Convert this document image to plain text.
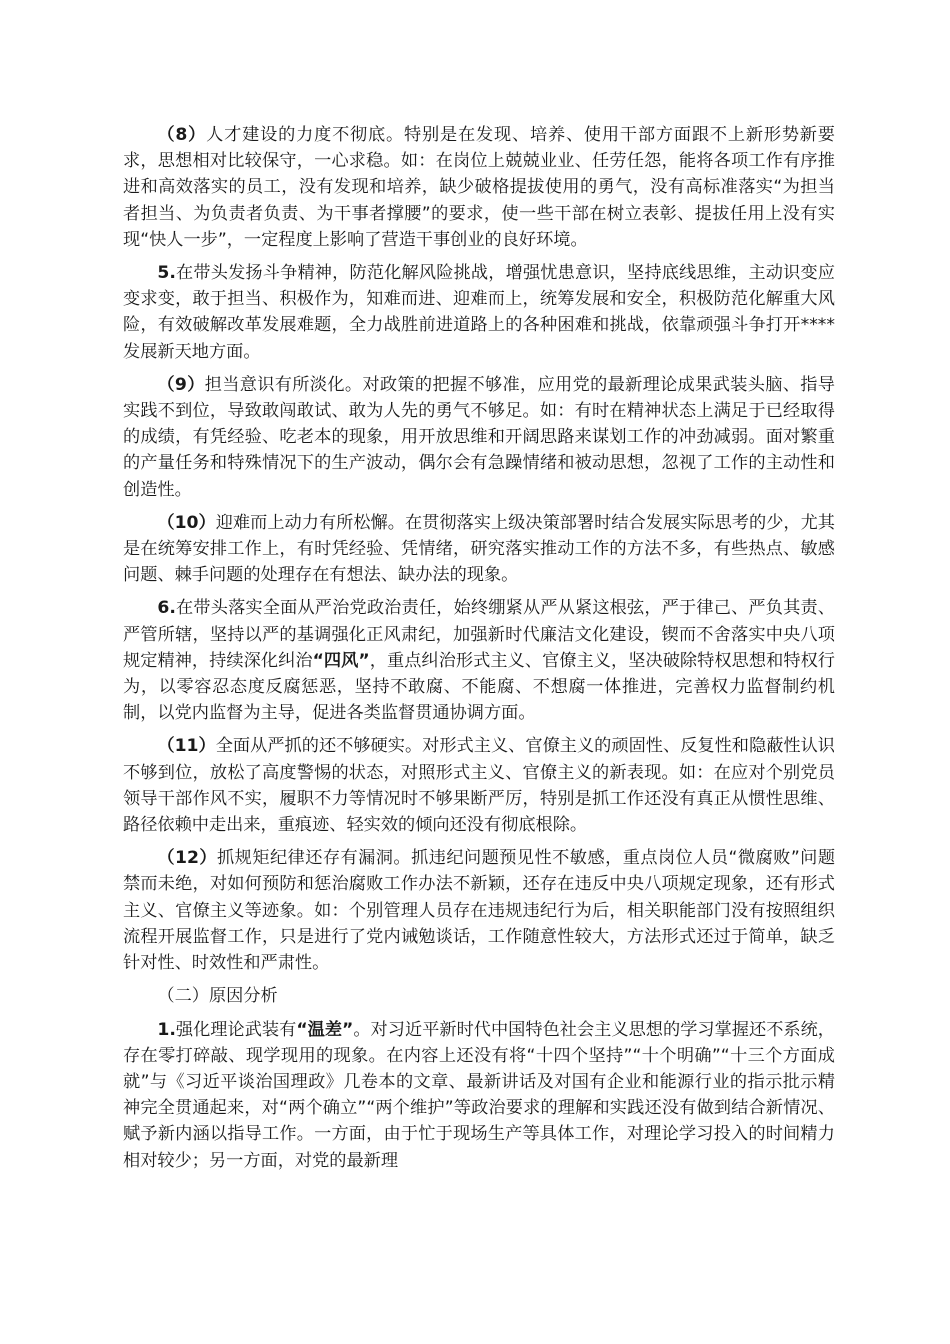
（8）人才建设的力度不彻底。特别是在发现、培养、使用干部方面跟不上新形势新要求，思想相对比较保守，一心求稳。如：在岗位上兢兢业业、任劳任怨，能将各项工作有序推进和高效落实的员工，没有发现和培养，缺少破格提拔使用的勇气，没有高标准落实“为担当者担当、为负责者负责、为干事者撑腰”的要求，使一些干部在树立表彰、提拔任用上没有实现“快人一步”，一定程度上影响了营造干事创业的良好环境。

5.在带头发扬斗争精神，防范化解风险挑战，增强忧患意识，坚持底线思维，主动识变应变求变，敢于担当、积极作为，知难而进、迎难而上，统筹发展和安全，积极防范化解重大风险，有效破解改革发展难题，全力战胜前进道路上的各种困难和挑战，依靠顽强斗争打开****发展新天地方面。

（9）担当意识有所淡化。对政策的把握不够准，应用党的最新理论成果武装头脑、指导实践不到位，导致敢闯敢试、敢为人先的勇气不够足。如：有时在精神状态上满足于已经取得的成绩，有凭经验、吃老本的现象，用开放思维和开阔思路来谋划工作的冲劲减弱。面对繁重的产量任务和特殊情况下的生产波动，偶尔会有急躁情绪和被动思想，忽视了工作的主动性和创造性。

（10）迎难而上动力有所松懈。在贯彻落实上级决策部署时结合发展实际思考的少，尤其是在统筹安排工作上，有时凭经验、凭情绪，研究落实推动工作的方法不多，有些热点、敏感问题、棘手问题的处理存在有想法、缺办法的现象。

6.在带头落实全面从严治党政治责任，始终绷紧从严从紧这根弦，严于律己、严负其责、严管所辖，坚持以严的基调强化正风肃纪，加强新时代廉洁文化建设，锲而不舍落实中央八项规定精神，持续深化纠治“四风”，重点纠治形式主义、官僚主义，坚决破除特权思想和特权行为，以零容忍态度反腐惩恶，坚持不敢腐、不能腐、不想腐一体推进，完善权力监督制约机制，以党内监督为主导，促进各类监督贯通协调方面。

（11）全面从严抓的还不够硬实。对形式主义、官僚主义的顽固性、反复性和隐蔽性认识不够到位，放松了高度警惕的状态，对照形式主义、官僚主义的新表现。如：在应对个别党员领导干部作风不实，履职不力等情况时不够果断严厉，特别是抓工作还没有真正从惯性思维、路径依赖中走出来，重痕迹、轻实效的倾向还没有彻底根除。

（12）抓规矩纪律还存有漏洞。抓违纪问题预见性不敏感，重点岗位人员“微腐败”问题禁而未绝，对如何预防和惩治腐败工作办法不新颖，还存在违反中央八项规定现象，还有形式主义、官僚主义等迹象。如：个别管理人员存在违规违纪行为后，相关职能部门没有按照组织流程开展监督工作，只是进行了党内诫勉谈话，工作随意性较大，方法形式还过于简单，缺乏针对性、时效性和严肃性。

（二）原因分析

1.强化理论武装有“温差”。对习近平新时代中国特色社会主义思想的学习掌握还不系统，存在零打碎敲、现学现用的现象。在内容上还没有将“十四个坚持”“十个明确”“十三个方面成就”与《习近平谈治国理政》几卷本的文章、最新讲话及对国有企业和能源行业的指示批示精神完全贯通起来，对“两个确立”“两个维护”等政治要求的理解和实践还没有做到结合新情况、赋予新内涵以指导工作。一方面，由于忙于现场生产等具体工作，对理论学习投入的时间精力相对较少；另一方面，对党的最新理
